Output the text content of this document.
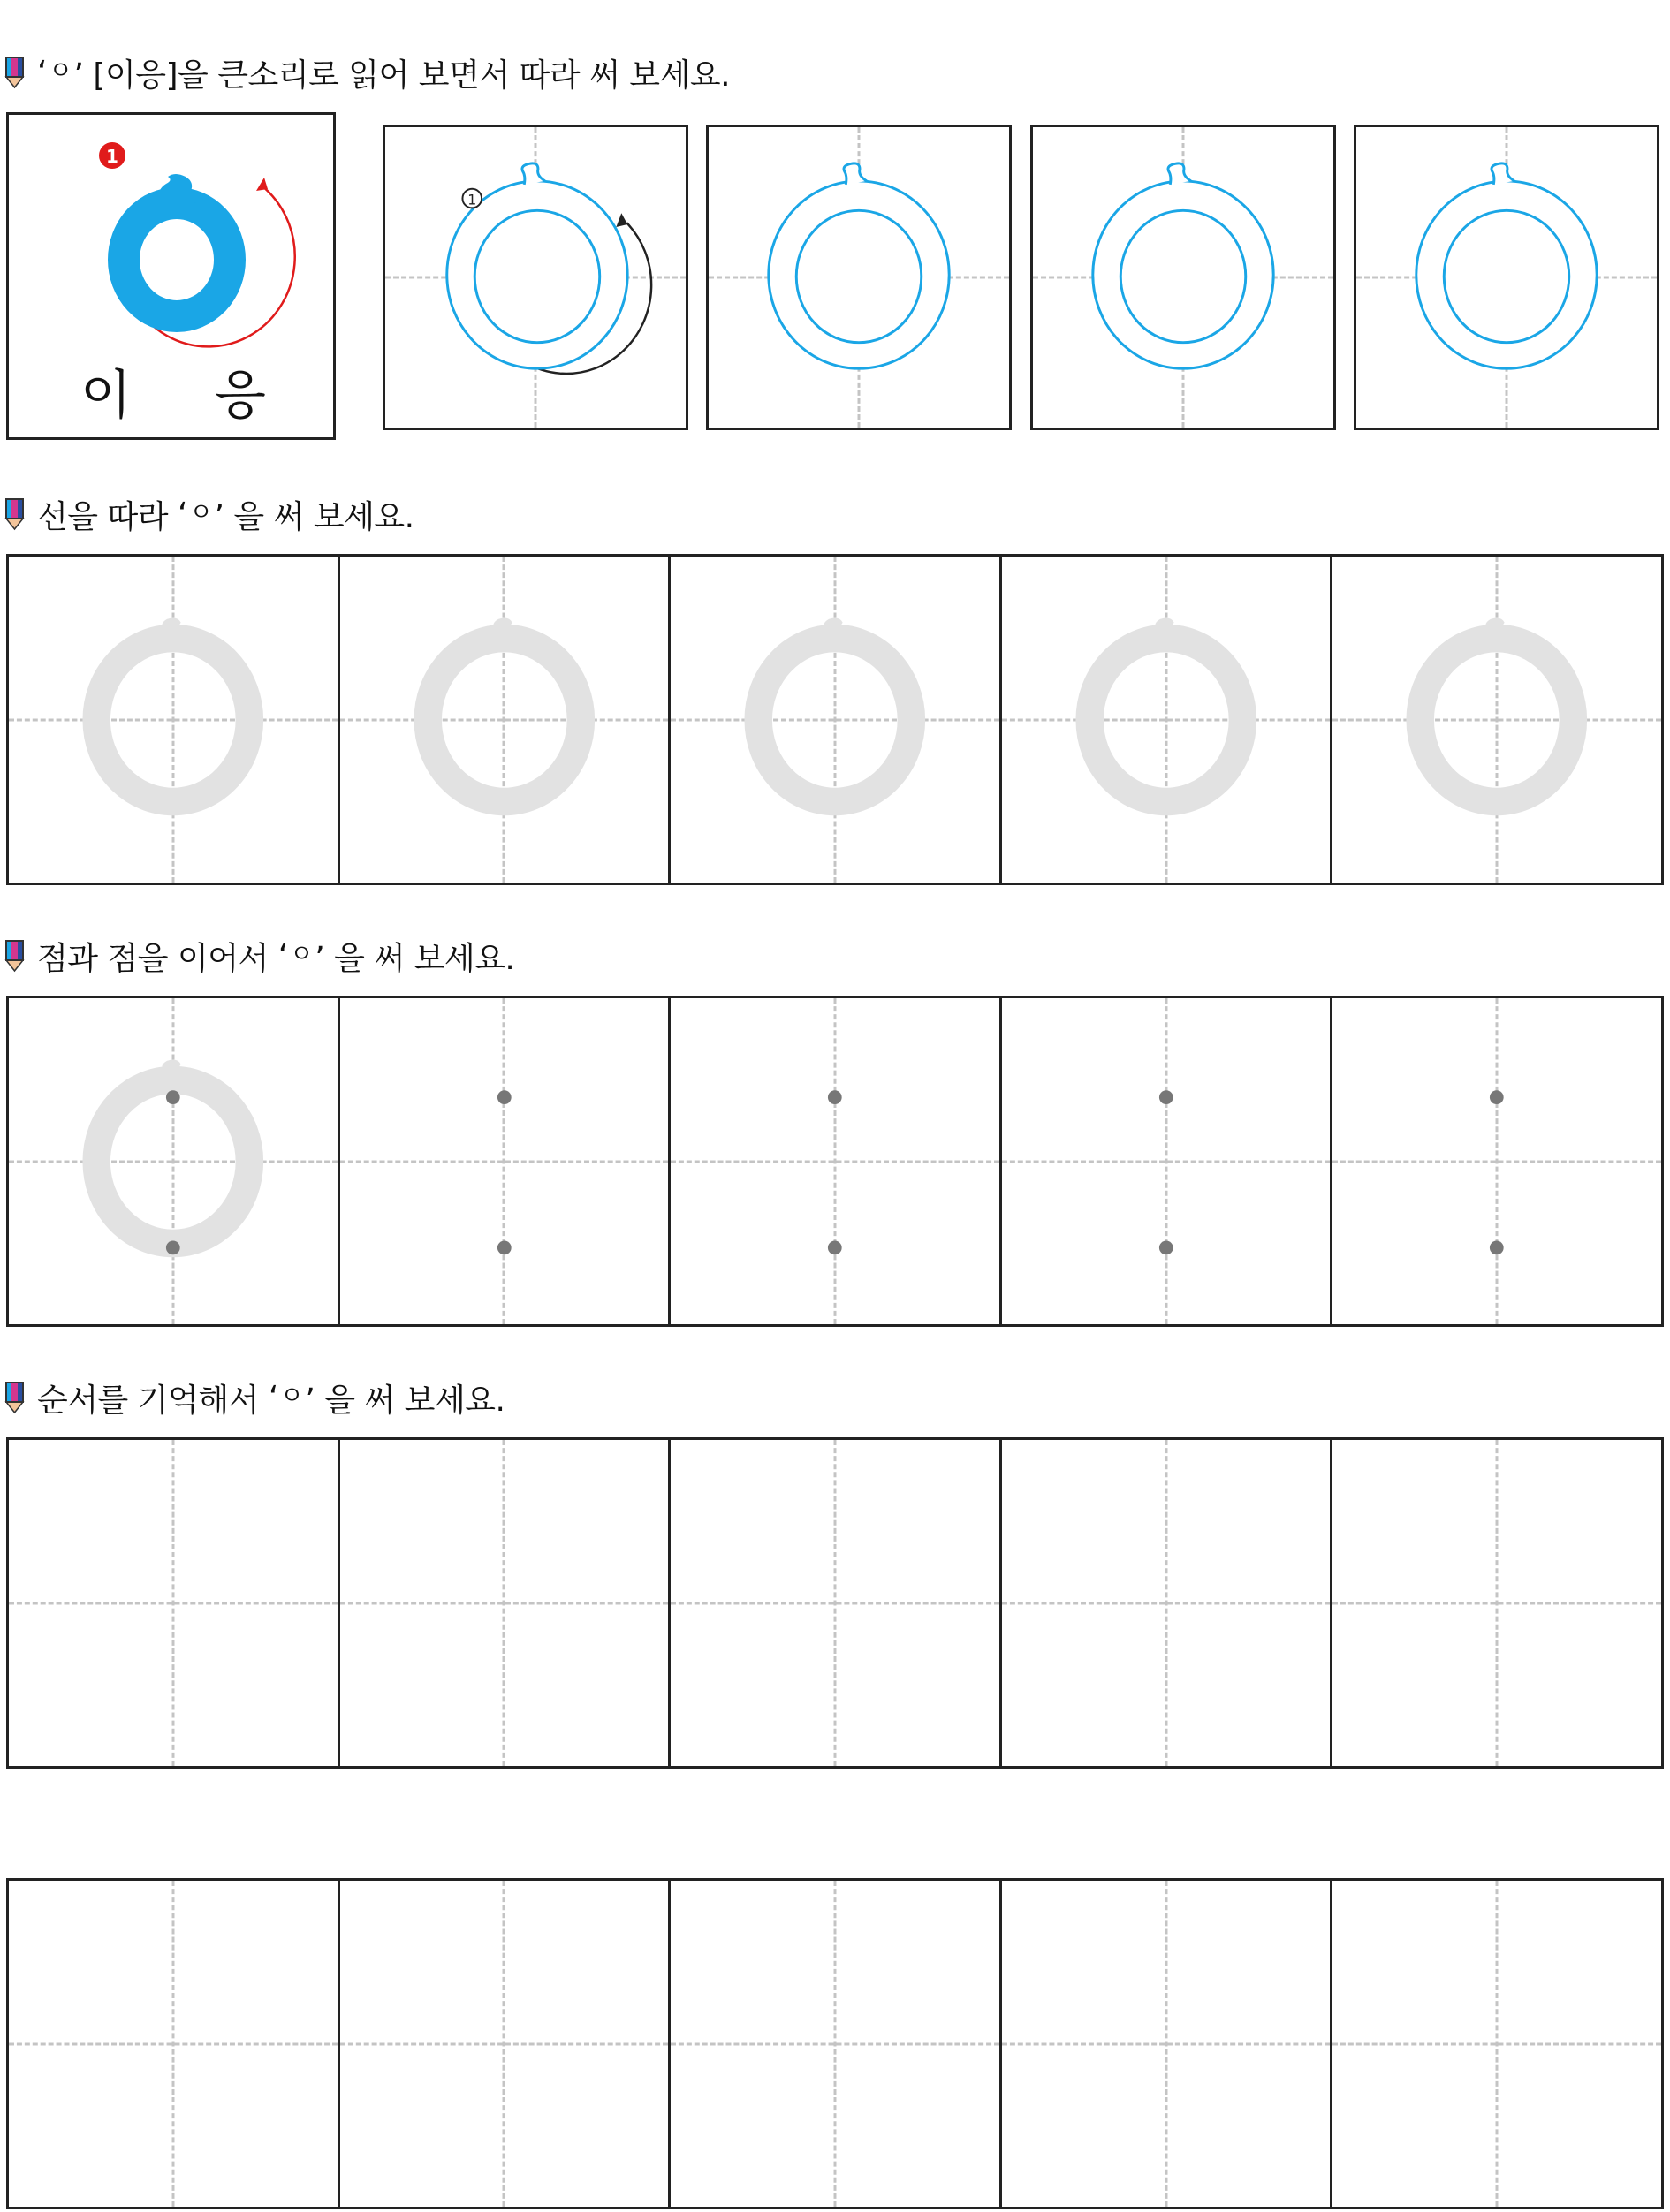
‘ ㅇ ’ [이응]을 큰소리로 읽어 보면서 따라 써 보세요.
1
이 응
1
선을 따라 ‘ ㅇ ’ 을 써 보세요.
점과 점을 이어서 ‘ ㅇ ’ 을 써 보세요.
순서를 기억해서 ‘ ㅇ ’ 을 써 보세요.
